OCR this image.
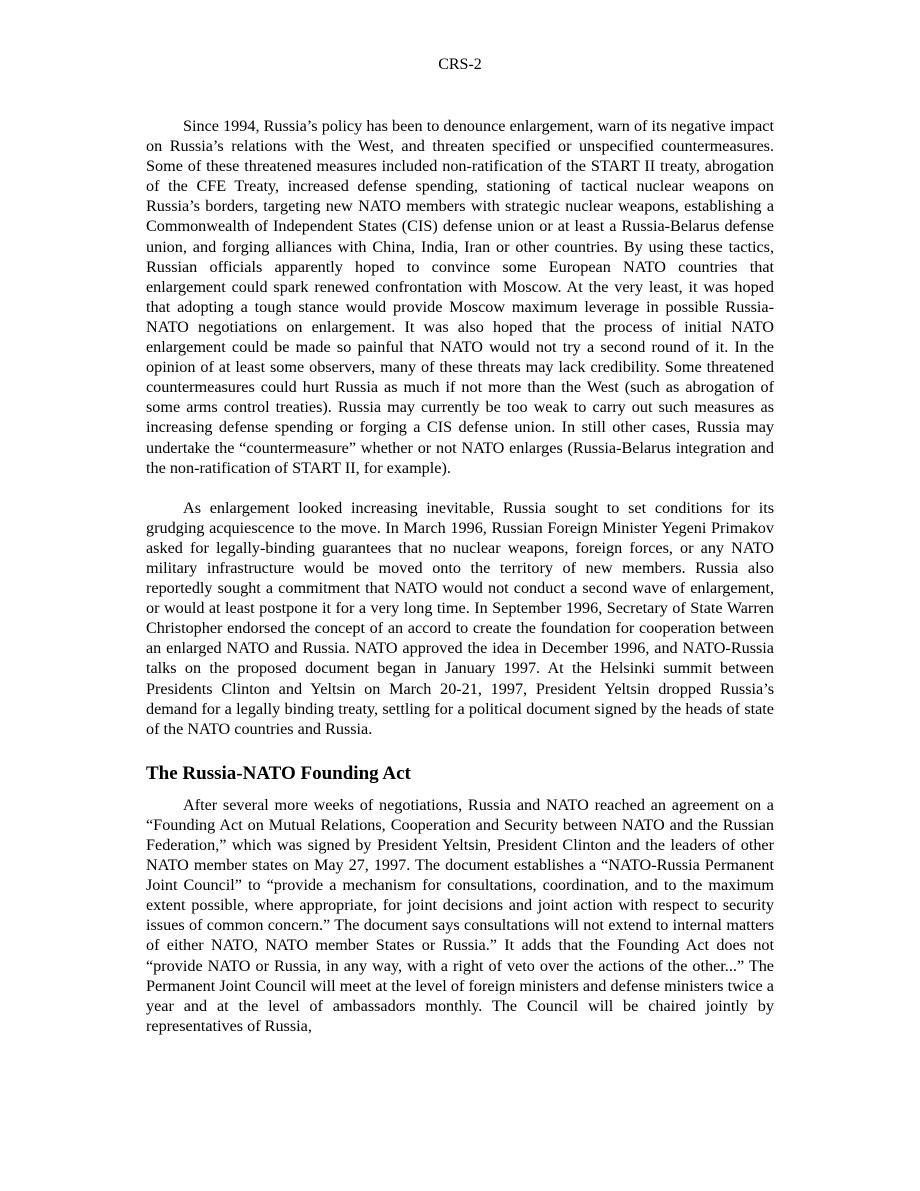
CRS-2

Since 1994, Russia’s policy has been to denounce enlargement, warn of its negative impact on Russia’s relations with the West, and threaten specified or unspecified countermeasures. Some of these threatened measures included non-ratification of the START II treaty, abrogation of the CFE Treaty, increased defense spending, stationing of tactical nuclear weapons on Russia’s borders, targeting new NATO members with strategic nuclear weapons, establishing a Commonwealth of Independent States (CIS) defense union or at least a Russia-Belarus defense union, and forging alliances with China, India, Iran or other countries. By using these tactics, Russian officials apparently hoped to convince some European NATO countries that enlargement could spark renewed confrontation with Moscow. At the very least, it was hoped that adopting a tough stance would provide Moscow maximum leverage in possible Russia-NATO negotiations on enlargement. It was also hoped that the process of initial NATO enlargement could be made so painful that NATO would not try a second round of it. In the opinion of at least some observers, many of these threats may lack credibility. Some threatened countermeasures could hurt Russia as much if not more than the West (such as abrogation of some arms control treaties). Russia may currently be too weak to carry out such measures as increasing defense spending or forging a CIS defense union. In still other cases, Russia may undertake the “countermeasure” whether or not NATO enlarges (Russia-Belarus integration and the non-ratification of START II, for example).

As enlargement looked increasing inevitable, Russia sought to set conditions for its grudging acquiescence to the move. In March 1996, Russian Foreign Minister Yegeni Primakov asked for legally-binding guarantees that no nuclear weapons, foreign forces, or any NATO military infrastructure would be moved onto the territory of new members. Russia also reportedly sought a commitment that NATO would not conduct a second wave of enlargement, or would at least postpone it for a very long time. In September 1996, Secretary of State Warren Christopher endorsed the concept of an accord to create the foundation for cooperation between an enlarged NATO and Russia. NATO approved the idea in December 1996, and NATO-Russia talks on the proposed document began in January 1997. At the Helsinki summit between Presidents Clinton and Yeltsin on March 20-21, 1997, President Yeltsin dropped Russia’s demand for a legally binding treaty, settling for a political document signed by the heads of state of the NATO countries and Russia.

The Russia-NATO Founding Act

After several more weeks of negotiations, Russia and NATO reached an agreement on a “Founding Act on Mutual Relations, Cooperation and Security between NATO and the Russian Federation,” which was signed by President Yeltsin, President Clinton and the leaders of other NATO member states on May 27, 1997. The document establishes a “NATO-Russia Permanent Joint Council” to “provide a mechanism for consultations, coordination, and to the maximum extent possible, where appropriate, for joint decisions and joint action with respect to security issues of common concern.” The document says consultations will not extend to internal matters of either NATO, NATO member States or Russia.” It adds that the Founding Act does not “provide NATO or Russia, in any way, with a right of veto over the actions of the other...” The Permanent Joint Council will meet at the level of foreign ministers and defense ministers twice a year and at the level of ambassadors monthly. The Council will be chaired jointly by representatives of Russia,
